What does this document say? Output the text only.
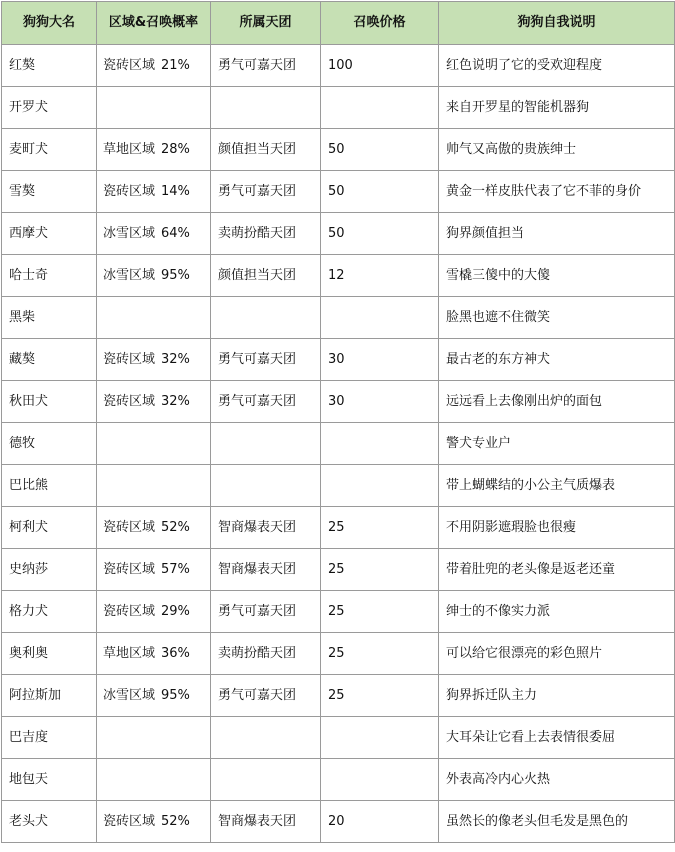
狗狗大名	区域&召唤概率	所属天团	召唤价格	狗狗自我说明
红獒	瓷砖区域 21%	勇气可嘉天团	100	红色说明了它的受欢迎程度
开罗犬				来自开罗星的智能机器狗
麦町犬	草地区域 28%	颜值担当天团	50	帅气又高傲的贵族绅士
雪獒	瓷砖区域 14%	勇气可嘉天团	50	黄金一样皮肤代表了它不菲的身价
西摩犬	冰雪区域 64%	卖萌扮酷天团	50	狗界颜值担当
哈士奇	冰雪区域 95%	颜值担当天团	12	雪橇三傻中的大傻
黑柴				脸黑也遮不住微笑
藏獒	瓷砖区域 32%	勇气可嘉天团	30	最古老的东方神犬
秋田犬	瓷砖区域 32%	勇气可嘉天团	30	远远看上去像刚出炉的面包
德牧				警犬专业户
巴比熊				带上蝴蝶结的小公主气质爆表
柯利犬	瓷砖区域 52%	智商爆表天团	25	不用阴影遮瑕脸也很瘦
史纳莎	瓷砖区域 57%	智商爆表天团	25	带着肚兜的老头像是返老还童
格力犬	瓷砖区域 29%	勇气可嘉天团	25	绅士的不像实力派
奥利奥	草地区域 36%	卖萌扮酷天团	25	可以给它很漂亮的彩色照片
阿拉斯加	冰雪区域 95%	勇气可嘉天团	25	狗界拆迁队主力
巴吉度				大耳朵让它看上去表情很委屈
地包天				外表高冷内心火热
老头犬	瓷砖区域 52%	智商爆表天团	20	虽然长的像老头但毛发是黑色的
